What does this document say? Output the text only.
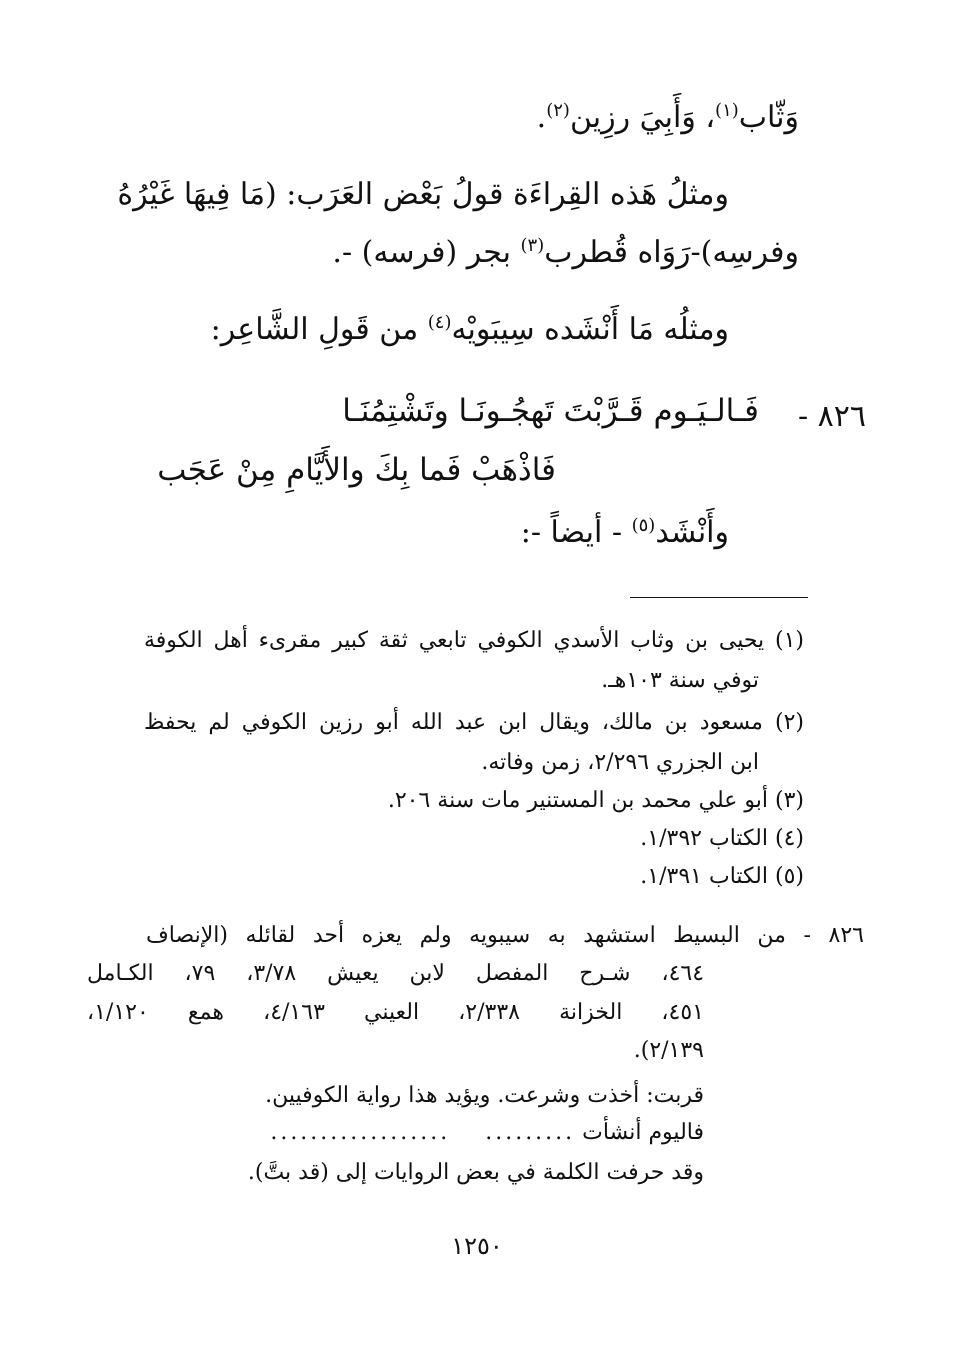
وَثّاب$^{(١)}$، وَأَبِيَ رزِين$^{(٢)}$.
ومثلُ هَذه القِراءَة قولُ بَعْض العَرَب: (مَا فِيهَا غَيْرُهُ
وفرسِه)-رَوَاه قُطرب$^{(٣)}$ بجر (فرسه) -.
ومثلُه مَا أَنْشَده سِيبَويْه$^{(٤)}$ من قَولِ الشَّاعِر:
٨٢٦ -
فَـالـيَـوم قَـرَّبْتَ تَهجُـونَـا وتَشْتِمُنَـا
فَاذْهَبْ فَما بِكَ والأَيَّامِ مِنْ عَجَب
وأَنْشَد$^{(٥)}$ - أيضاً -:
(١) يحيى بن وثاب الأسدي الكوفي تابعي ثقة كبير مقرىء أهل الكوفة
توفي سنة ١٠٣هـ.
(٢) مسعود بن مالك، ويقال ابن عبد الله أبو رزين الكوفي لم يحفظ
ابن الجزري ٢/٢٩٦، زمن وفاته.
(٣) أبو علي محمد بن المستنير مات سنة ٢٠٦.
(٤) الكتاب ١/٣٩٢.
(٥) الكتاب ١/٣٩١.
٨٢٦ - من البسيط استشهد به سيبويه ولم يعزه أحد لقائله (الإنصاف
٤٦٤، شـرح المفصل لابن يعيش ٣/٧٨، ٧٩، الكـامل
٤٥١، الخزانة ٢/٣٣٨، العيني ٤/١٦٣، همع ١/١٢٠،
٢/١٣٩).
قربت: أخذت وشرعت. ويؤيد هذا رواية الكوفيين.
فاليوم أنشأت ......... ..................
وقد حرفت الكلمة في بعض الروايات إلى (قد بتَّ).
١٢٥٠
